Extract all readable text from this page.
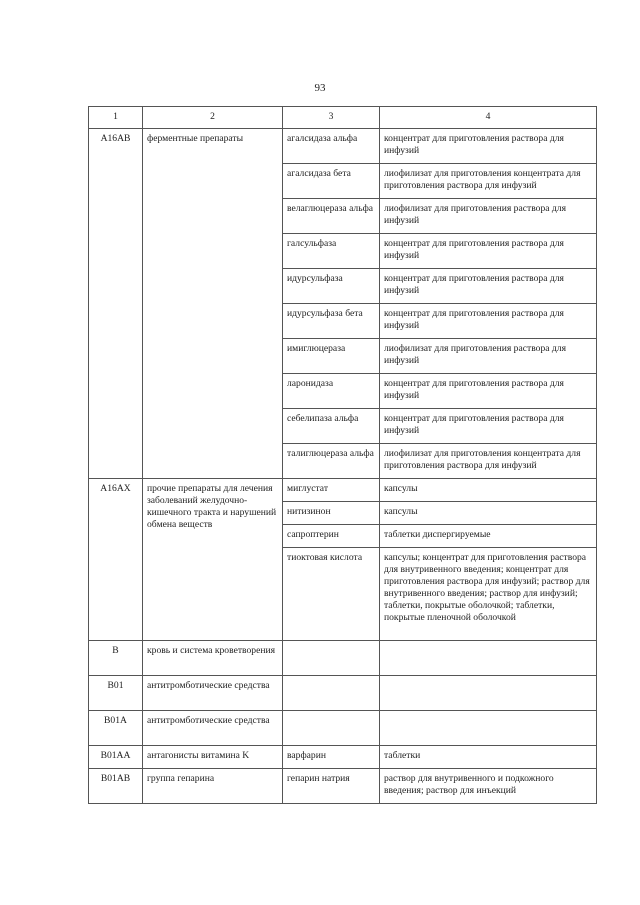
93
1	2	3	4
A16AB	ферментные препараты	агалсидаза альфа	концентрат для приготовления раствора для инфузий
		агалсидаза бета	лиофилизат для приготовления концентрата для приготовления раствора для инфузий
		велаглюцераза альфа	лиофилизат для приготовления раствора для инфузий
		галсульфаза	концентрат для приготовления раствора для инфузий
		идурсульфаза	концентрат для приготовления раствора для инфузий
		идурсульфаза бета	концентрат для приготовления раствора для инфузий
		имиглюцераза	лиофилизат для приготовления раствора для инфузий
		ларонидаза	концентрат для приготовления раствора для инфузий
		себелипаза альфа	концентрат для приготовления раствора для инфузий
		талиглюцераза альфа	лиофилизат для приготовления концентрата для приготовления раствора для инфузий
A16AX	прочие препараты для лечения заболеваний желудочно-кишечного тракта и нарушений обмена веществ	миглустат	капсулы
		нитизинон	капсулы
		сапроптерин	таблетки диспергируемые
		тиоктовая кислота	капсулы; концентрат для приготовления раствора для внутривенного введения; концентрат для приготовления раствора для инфузий; раствор для внутривенного введения; раствор для инфузий; таблетки, покрытые оболочкой; таблетки, покрытые пленочной оболочкой
B	кровь и система кроветворения		
B01	антитромботические средства		
B01A	антитромботические средства		
B01AA	антагонисты витамина K	варфарин	таблетки
B01AB	группа гепарина	гепарин натрия	раствор для внутривенного и подкожного введения; раствор для инъекций
